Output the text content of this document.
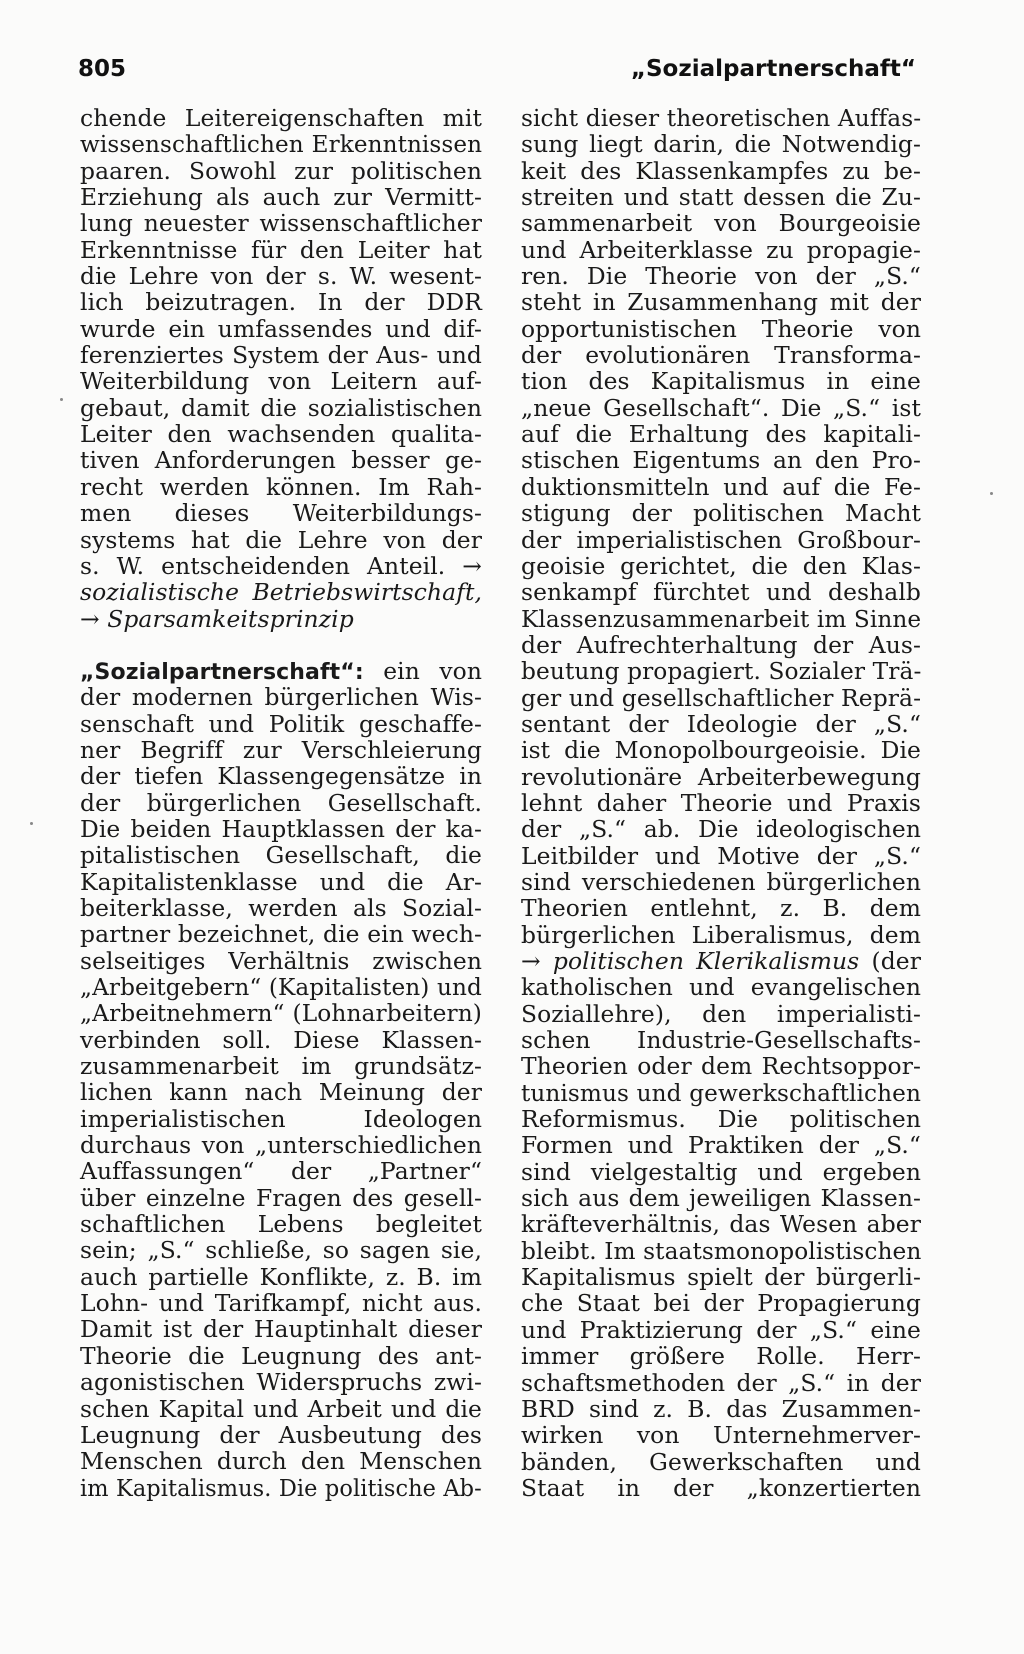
805	„Sozialpartnerschaft“
chende Leitereigenschaften mit
wissenschaftlichen Erkenntnissen
paaren. Sowohl zur politischen
Erziehung als auch zur Vermitt-
lung neuester wissenschaftlicher
Erkenntnisse für den Leiter hat
die Lehre von der s. W. wesent-
lich beizutragen. In der DDR
wurde ein umfassendes und dif-
ferenziertes System der Aus- und
Weiterbildung von Leitern auf-
gebaut, damit die sozialistischen
Leiter den wachsenden qualita-
tiven Anforderungen besser ge-
recht werden können. Im Rah-
men dieses Weiterbildungs-
systems hat die Lehre von der
s. W. entscheidenden Anteil. →
sozialistische Betriebswirtschaft,
→ Sparsamkeitsprinzip
„Sozialpartnerschaft“: ein von
der modernen bürgerlichen Wis-
senschaft und Politik geschaffe-
ner Begriff zur Verschleierung
der tiefen Klassengegensätze in
der bürgerlichen Gesellschaft.
Die beiden Hauptklassen der ka-
pitalistischen Gesellschaft, die
Kapitalistenklasse und die Ar-
beiterklasse, werden als Sozial-
partner bezeichnet, die ein wech-
selseitiges Verhältnis zwischen
„Arbeitgebern“ (Kapitalisten) und
„Arbeitnehmern“ (Lohnarbeitern)
verbinden soll. Diese Klassen-
zusammenarbeit im grundsätz-
lichen kann nach Meinung der
imperialistischen Ideologen
durchaus von „unterschiedlichen
Auffassungen“ der „Partner“
über einzelne Fragen des gesell-
schaftlichen Lebens begleitet
sein; „S.“ schließe, so sagen sie,
auch partielle Konflikte, z. B. im
Lohn- und Tarifkampf, nicht aus.
Damit ist der Hauptinhalt dieser
Theorie die Leugnung des ant-
agonistischen Widerspruchs zwi-
schen Kapital und Arbeit und die
Leugnung der Ausbeutung des
Menschen durch den Menschen
im Kapitalismus. Die politische Ab-
sicht dieser theoretischen Auffas-
sung liegt darin, die Notwendig-
keit des Klassenkampfes zu be-
streiten und statt dessen die Zu-
sammenarbeit von Bourgeoisie
und Arbeiterklasse zu propagie-
ren. Die Theorie von der „S.“
steht in Zusammenhang mit der
opportunistischen Theorie von
der evolutionären Transforma-
tion des Kapitalismus in eine
„neue Gesellschaft“. Die „S.“ ist
auf die Erhaltung des kapitali-
stischen Eigentums an den Pro-
duktionsmitteln und auf die Fe-
stigung der politischen Macht
der imperialistischen Großbour-
geoisie gerichtet, die den Klas-
senkampf fürchtet und deshalb
Klassenzusammenarbeit im Sinne
der Aufrechterhaltung der Aus-
beutung propagiert. Sozialer Trä-
ger und gesellschaftlicher Reprä-
sentant der Ideologie der „S.“
ist die Monopolbourgeoisie. Die
revolutionäre Arbeiterbewegung
lehnt daher Theorie und Praxis
der „S.“ ab. Die ideologischen
Leitbilder und Motive der „S.“
sind verschiedenen bürgerlichen
Theorien entlehnt, z. B. dem
bürgerlichen Liberalismus, dem
→ politischen Klerikalismus (der
katholischen und evangelischen
Soziallehre), den imperialisti-
schen Industrie-Gesellschafts-
Theorien oder dem Rechtsoppor-
tunismus und gewerkschaftlichen
Reformismus. Die politischen
Formen und Praktiken der „S.“
sind vielgestaltig und ergeben
sich aus dem jeweiligen Klassen-
kräfteverhältnis, das Wesen aber
bleibt. Im staatsmonopolistischen
Kapitalismus spielt der bürgerli-
che Staat bei der Propagierung
und Praktizierung der „S.“ eine
immer größere Rolle. Herr-
schaftsmethoden der „S.“ in der
BRD sind z. B. das Zusammen-
wirken von Unternehmerver-
bänden, Gewerkschaften und
Staat in der „konzertierten
